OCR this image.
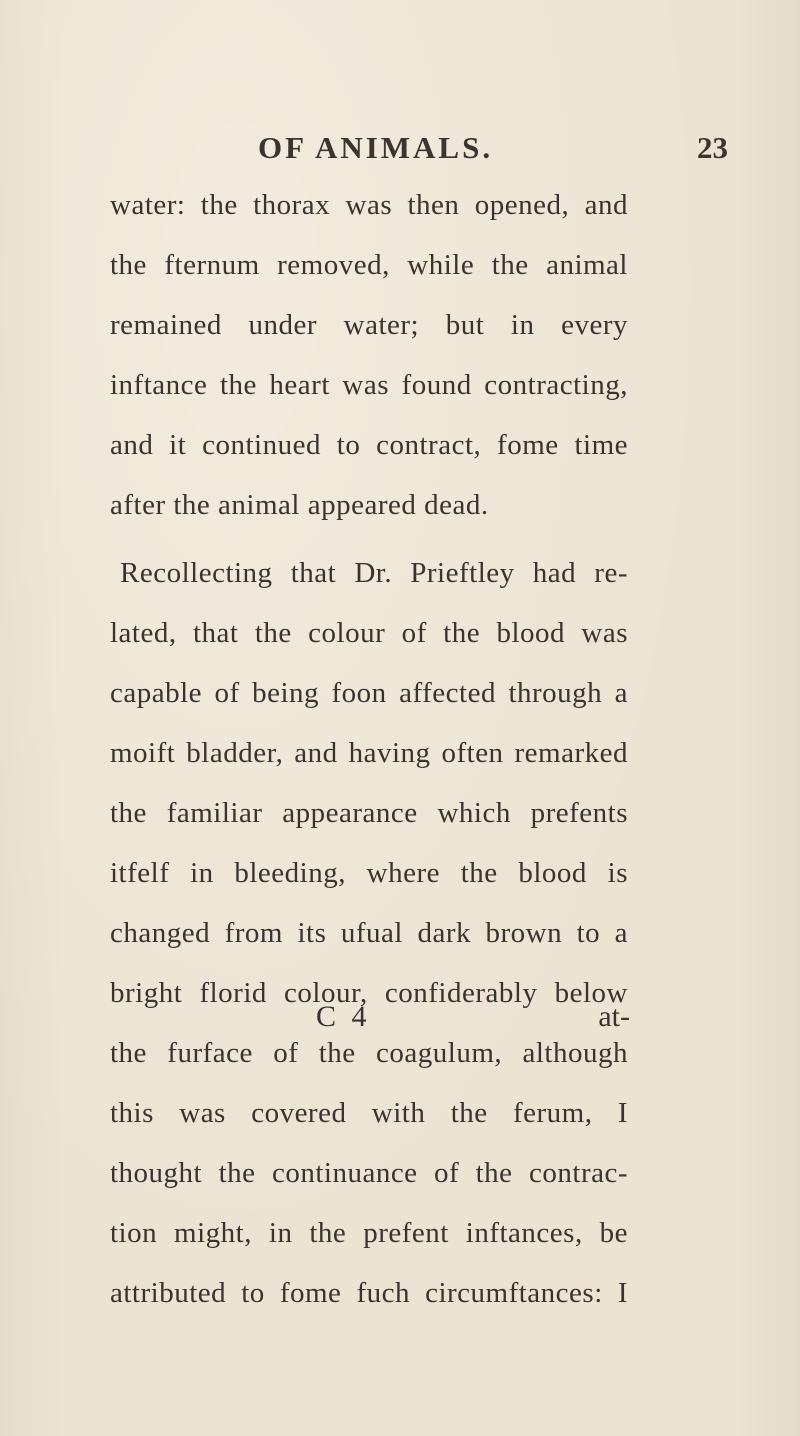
OF ANIMALS.	23
water: the thorax was then opened, and
the fternum removed, while the animal
remained under water; but in every
inftance the heart was found contracting,
and it continued to contract, fome time
after the animal appeared dead.
Recollecting that Dr. Prieftley had re-
lated, that the colour of the blood was
capable of being foon affected through a
moift bladder, and having often remarked
the familiar appearance which prefents
itfelf in bleeding, where the blood is
changed from its ufual dark brown to a
bright florid colour, confiderably below
the furface of the coagulum, although
this was covered with the ferum, I
thought the continuance of the contrac-
tion might, in the prefent inftances, be
attributed to fome fuch circumftances: I
C 4	at-
